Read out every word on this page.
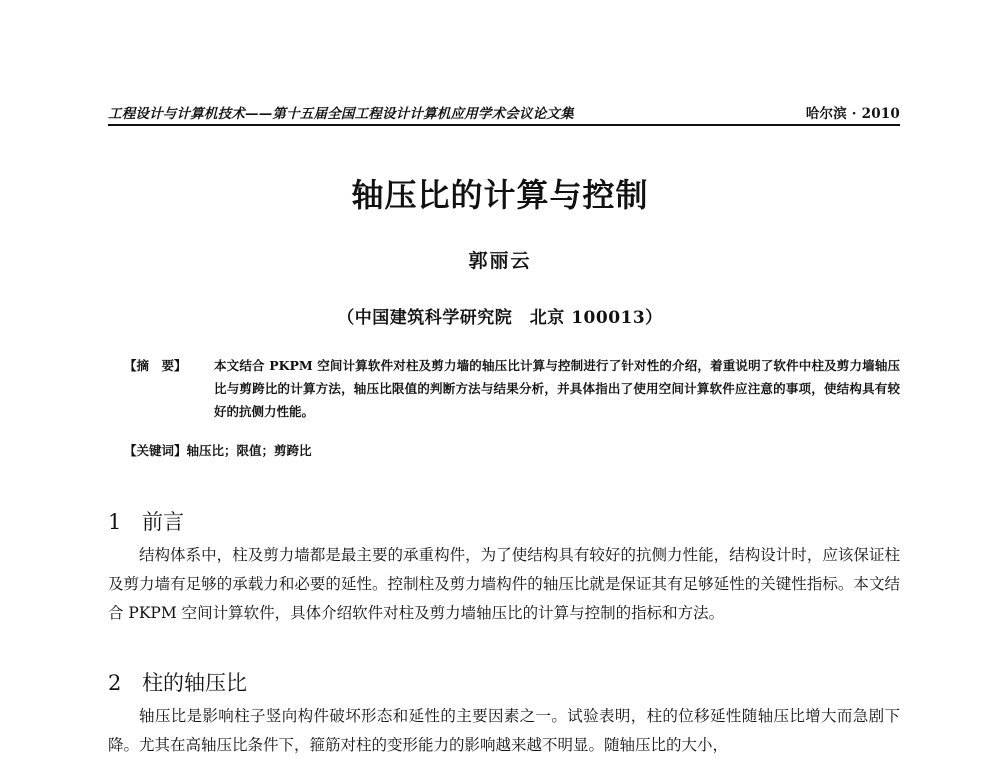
工程设计与计算机技术——第十五届全国工程设计计算机应用学术会议论文集	哈尔滨 · 2010
轴压比的计算与控制
郭丽云
（中国建筑科学研究院　北京 100013）
【摘　要】	本文结合 PKPM 空间计算软件对柱及剪力墙的轴压比计算与控制进行了针对性的介绍，着重说明了软件中柱及剪力墙轴压比与剪跨比的计算方法，轴压比限值的判断方法与结果分析，并具体指出了使用空间计算软件应注意的事项，使结构具有较好的抗侧力性能。
【关键词】轴压比；限值；剪跨比
1 前言
结构体系中，柱及剪力墙都是最主要的承重构件，为了使结构具有较好的抗侧力性能，结构设计时，应该保证柱及剪力墙有足够的承载力和必要的延性。控制柱及剪力墙构件的轴压比就是保证其有足够延性的关键性指标。本文结合 PKPM 空间计算软件，具体介绍软件对柱及剪力墙轴压比的计算与控制的指标和方法。
2 柱的轴压比
轴压比是影响柱子竖向构件破坏形态和延性的主要因素之一。试验表明，柱的位移延性随轴压比增大而急剧下降。尤其在高轴压比条件下，箍筋对柱的变形能力的影响越来越不明显。随轴压比的大小，
